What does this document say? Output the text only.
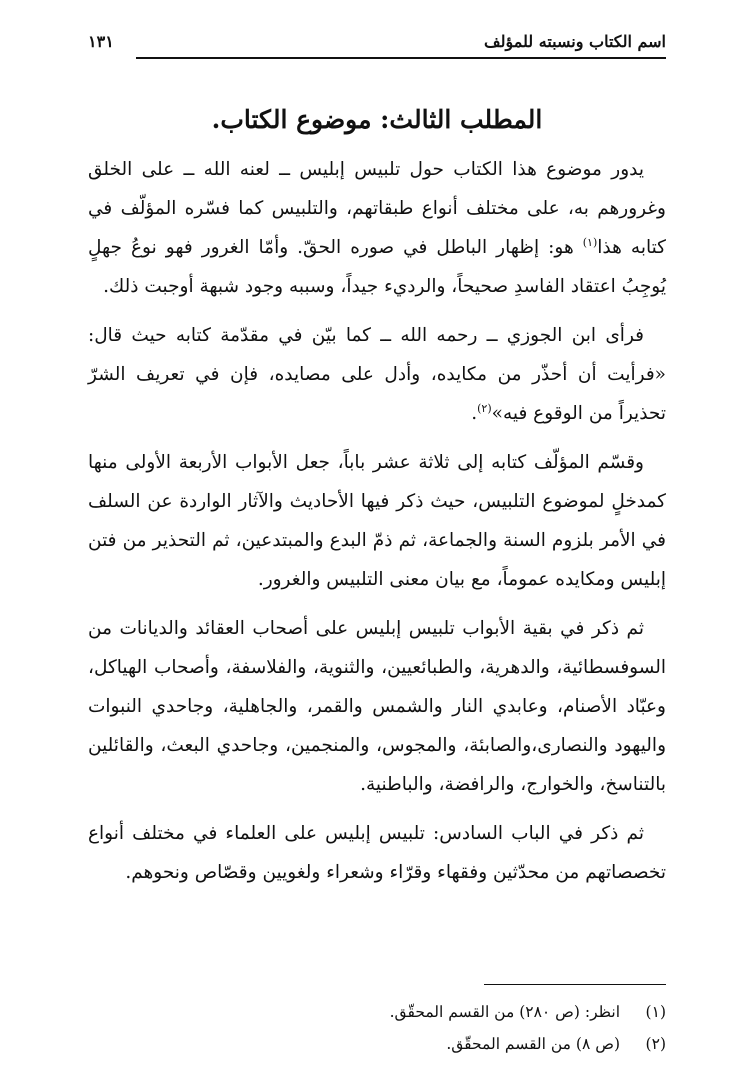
اسم الكتاب ونسبته للمؤلف
١٣١
المطلب الثالث: موضوع الكتاب.

يدور موضوع هذا الكتاب حول تلبيس إبليس ــ لعنه الله ــ على الخلق وغرورهم به، على مختلف أنواع طبقاتهم، والتلبيس كما فسّره المؤلّف في كتابه هذا$^{(١)}$ هو: إظهار الباطل في صوره الحقّ. وأمّا الغرور فهو نوعُ جهلٍ يُوجِبُ اعتقاد الفاسدِ صحيحاً، والرديء جيداً، وسببه وجود شبهة أوجبت ذلك.

فرأى ابن الجوزي ــ رحمه الله ــ كما بيّن في مقدّمة كتابه حيث قال: «فرأيت أن أحذّر من مكايده، وأدل على مصايده، فإن في تعريف الشرّ تحذيراً من الوقوع فيه»$^{(٢)}$.

وقسّم المؤلّف كتابه إلى ثلاثة عشر باباً، جعل الأبواب الأربعة الأولى منها كمدخلٍ لموضوع التلبيس، حيث ذكر فيها الأحاديث والآثار الواردة عن السلف في الأمر بلزوم السنة والجماعة، ثم ذمّ البدع والمبتدعين، ثم التحذير من فتن إبليس ومكايده عموماً، مع بيان معنى التلبيس والغرور.

ثم ذكر في بقية الأبواب تلبيس إبليس على أصحاب العقائد والديانات من السوفسطائية، والدهرية، والطبائعيين، والثنوية، والفلاسفة، وأصحاب الهياكل، وعبّاد الأصنام، وعابدي النار والشمس والقمر، والجاهلية، وجاحدي النبوات واليهود والنصارى،والصابئة، والمجوس، والمنجمين، وجاحدي البعث، والقائلين بالتناسخ، والخوارج، والرافضة، والباطنية.

ثم ذكر في الباب السادس: تلبيس إبليس على العلماء في مختلف أنواع تخصصاتهم من محدّثين وفقهاء وقرّاء وشعراء ولغويين وقصّاص ونحوهم.

(١)انظر: (ص ٢٨٠) من القسم المحقّق.
(٢)(ص ٨) من القسم المحقّق.
